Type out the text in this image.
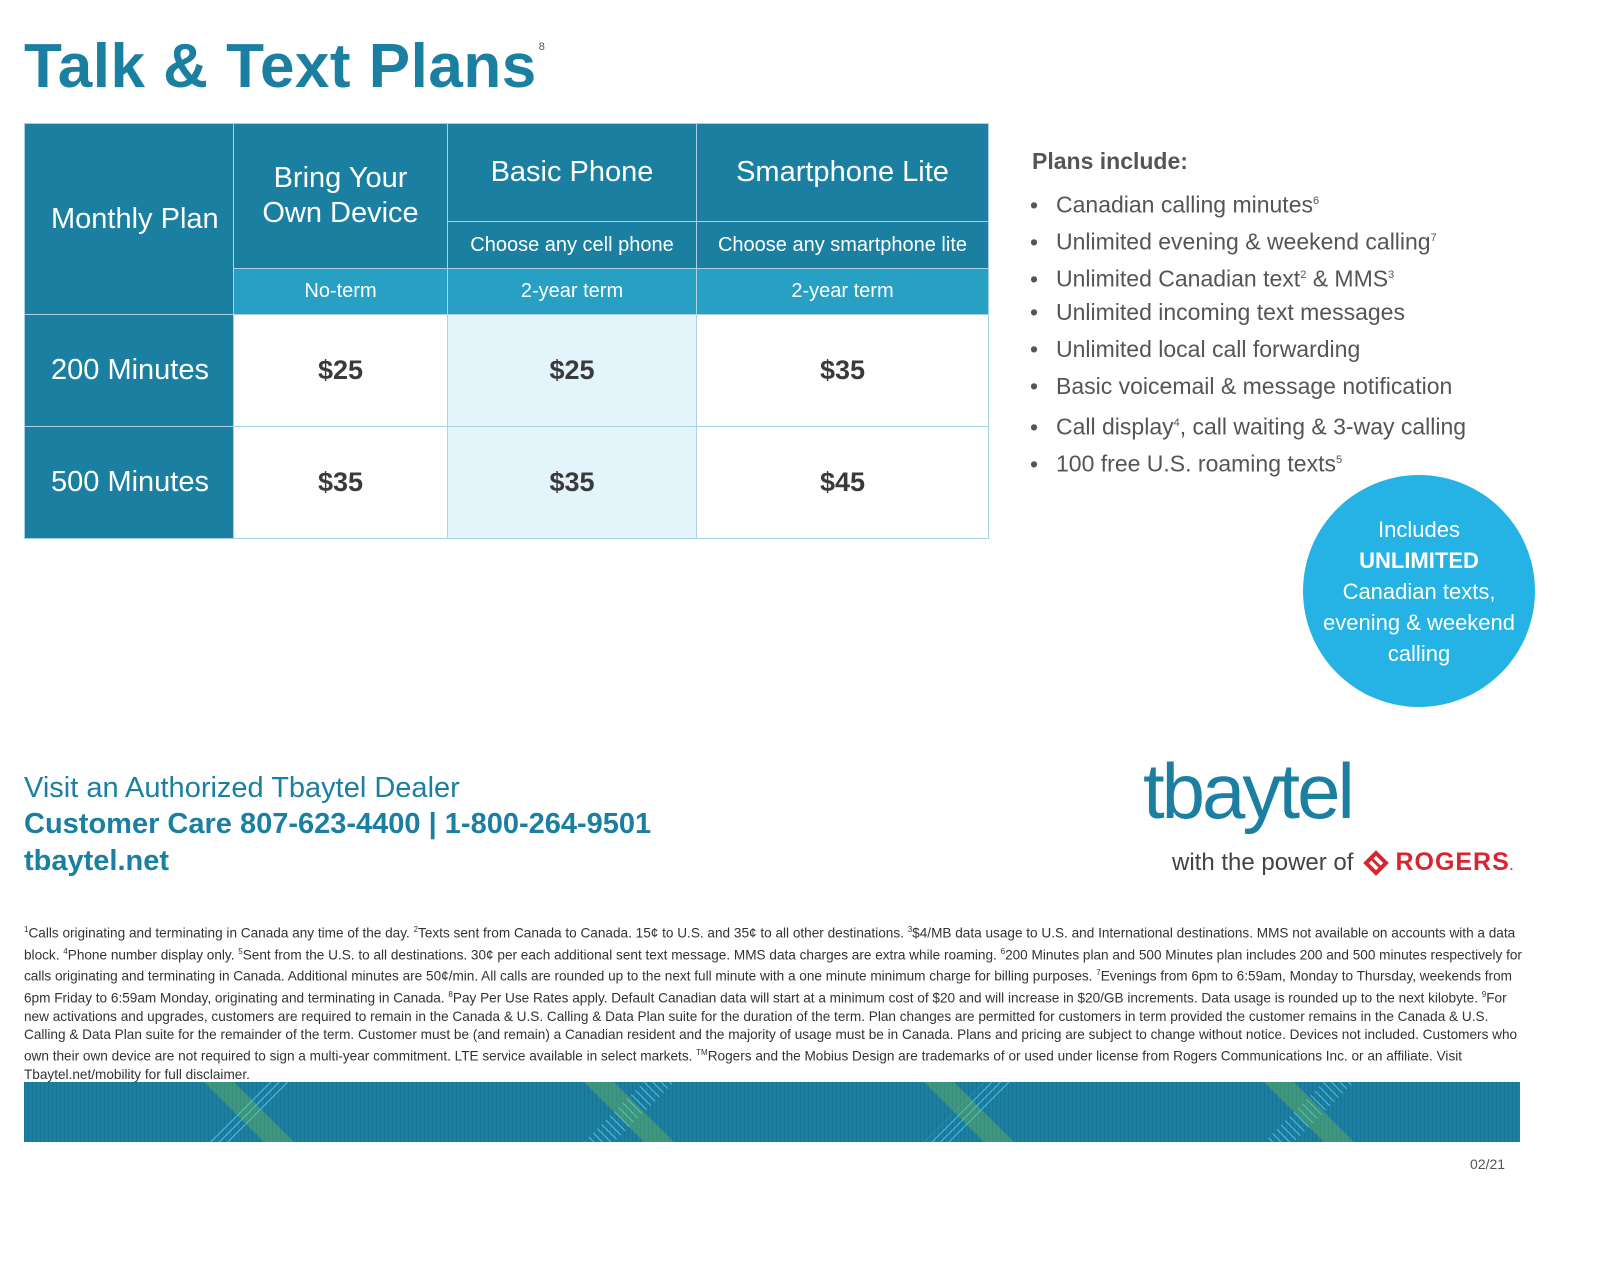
Talk & Text Plans $^8$
Monthly Plan	Bring Your Own Device	Basic Phone	Smartphone Lite
		Choose any cell phone	Choose any smartphone lite
	No-term	2-year term	2-year term
200 Minutes	$25	$25	$35
500 Minutes	$35	$35	$45
Plans include:
• Canadian calling minutes$^6$
• Unlimited evening & weekend calling$^7$
• Unlimited Canadian text$^2$ & MMS$^3$
• Unlimited incoming text messages
• Unlimited local call forwarding
• Basic voicemail & message notification
• Call display$^4$, call waiting & 3-way calling
• 100 free U.S. roaming texts$^5$
Includes
UNLIMITED
Canadian texts,
evening & weekend
calling
Visit an Authorized Tbaytel Dealer
Customer Care 807-623-4400 | 1-800-264-9501
tbaytel.net
tbaytel
with the power of ROGERS.
$^1$Calls originating and terminating in Canada any time of the day. $^2$Texts sent from Canada to Canada. 15¢ to U.S. and 35¢ to all other destinations. $^3$\$4/MB data usage to U.S. and International destinations. MMS not available on accounts with a data block. $^4$Phone number display only. $^5$Sent from the U.S. to all destinations. 30¢ per each additional sent text message. MMS data charges are extra while roaming. $^6$200 Minutes plan and 500 Minutes plan includes 200 and 500 minutes respectively for calls originating and terminating in Canada. Additional minutes are 50¢/min. All calls are rounded up to the next full minute with a one minute minimum charge for billing purposes. $^7$Evenings from 6pm to 6:59am, Monday to Thursday, weekends from 6pm Friday to 6:59am Monday, originating and terminating in Canada. $^8$Pay Per Use Rates apply. Default Canadian data will start at a minimum cost of $20 and will increase in $20/GB increments. Data usage is rounded up to the next kilobyte. $^9$For new activations and upgrades, customers are required to remain in the Canada & U.S. Calling & Data Plan suite for the duration of the term. Plan changes are permitted for customers in term provided the customer remains in the Canada & U.S. Calling & Data Plan suite for the remainder of the term. Customer must be (and remain) a Canadian resident and the majority of usage must be in Canada. Plans and pricing are subject to change without notice. Devices not included. Customers who own their own device are not required to sign a multi-year commitment. LTE service available in select markets. ™Rogers and the Mobius Design are trademarks of or used under license from Rogers Communications Inc. or an affiliate. Visit Tbaytel.net/mobility for full disclaimer.
02/21
